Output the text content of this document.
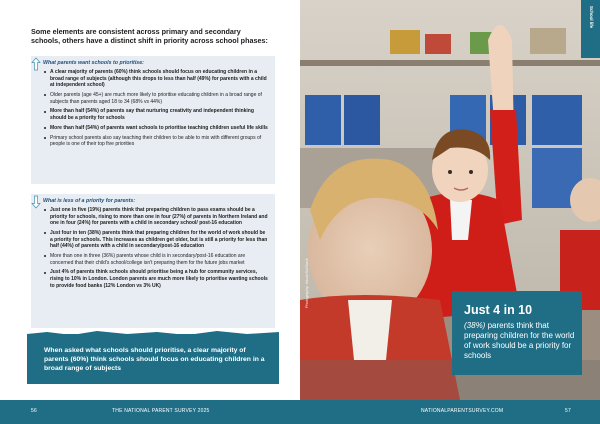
Some elements are consistent across primary and secondary schools, others have a distinct shift in priority across school phases:
What parents want schools to prioritise:
A clear majority of parents (60%) think schools should focus on educating children in a broad range of subjects (although this drops to less than half (49%) for parents with a child at independent school)
Older parents (age 45+) are much more likely to prioritise educating children in a broad range of subjects than parents aged 18 to 34 (68% vs 44%)
More than half (54%) of parents say that nurturing creativity and independent thinking should be a priority for schools
More than half (54%) of parents want schools to prioritise teaching children useful life skills
Primary school parents also say teaching their children to be able to mix with different groups of people is one of their top five priorities
What is less of a priority for parents:
Just one in five (19%) parents think that preparing children to pass exams should be a priority for schools, rising to more than one in four (27%) of parents in Northern Ireland and one in four (24%) for parents with a child in secondary school/ post-16 education
Just four in ten (38%) parents think that preparing children for the world of work should be a priority for schools. This increases as children get older, but is still a priority for less than half (44%) of parents with a child in secondary/post-16 education
More than one in three (36%) parents whose child is in secondary/post-16 education are concerned that their child's school/college isn't preparing them for the future jobs market
Just 4% of parents think schools should prioritise being a hub for community services, rising to 10% in London. London parents are much more likely to prioritise wanting schools to provide food banks (12% London vs 3% UK)
When asked what schools should prioritise, a clear majority of parents (60%) think schools should focus on educating children in a broad range of subjects
Photography: Istock/SolStock
School life
Just 4 in 10
(38%) parents think that preparing children for the world of work should be a priority for schools
56	THE NATIONAL PARENT SURVEY 2025	NATIONALPARENTSURVEY.COM	57
